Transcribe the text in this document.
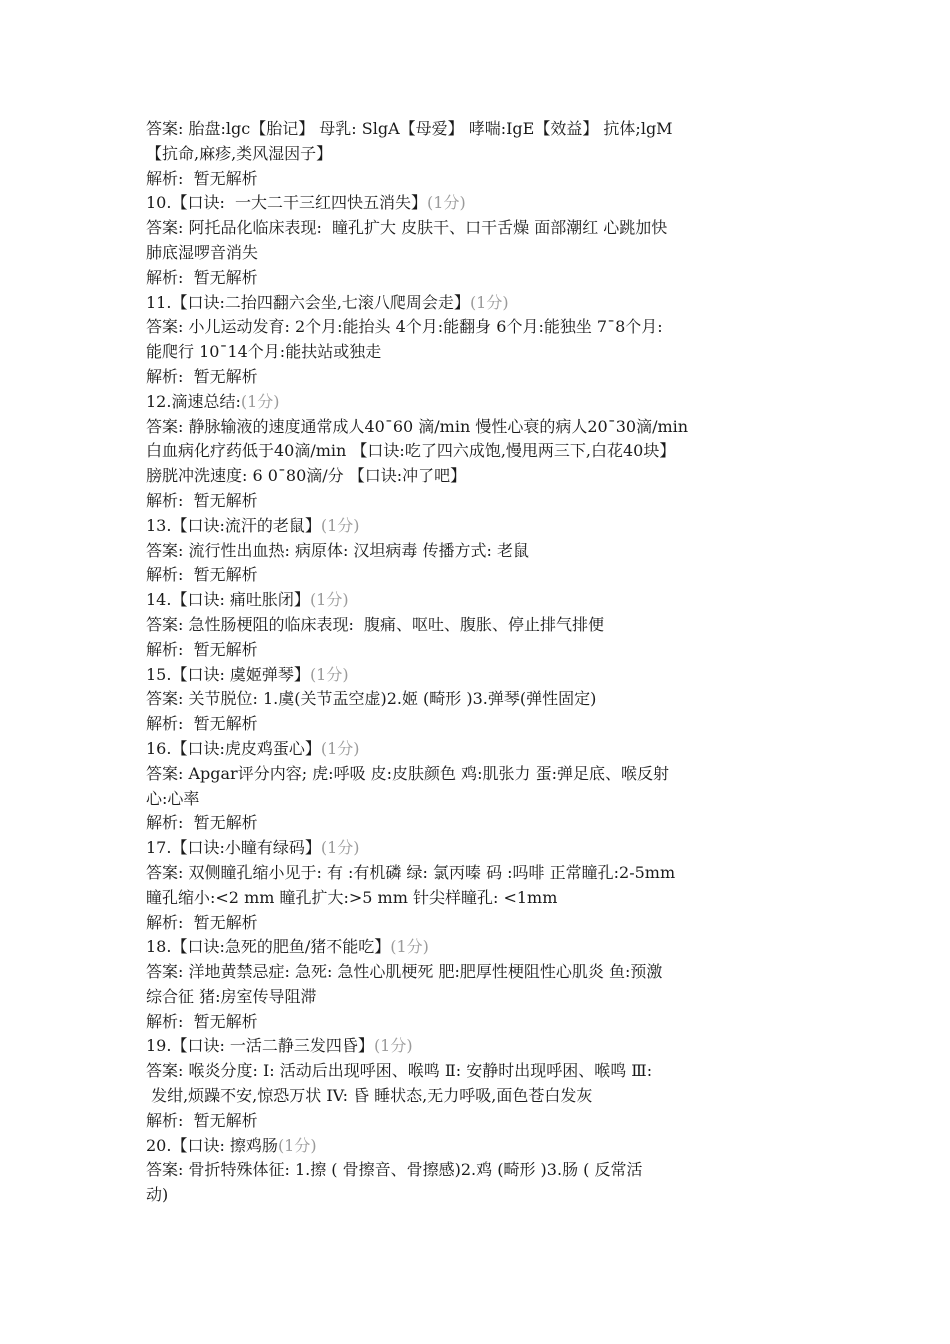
答案: 胎盘:lgc【胎记】 母乳: SlgA【母爱】 哮喘:IgE【效益】 抗体;lgM
【抗命,麻疹,类风湿因子】
解析:  暂无解析
10.【口诀:  一大二干三红四快五消失】(1分)
答案: 阿托品化临床表现:  瞳孔扩大 皮肤干、口干舌燥 面部潮红 心跳加快
肺底湿啰音消失
解析:  暂无解析
11.【口诀:二抬四翻六会坐,七滚八爬周会走】(1分)
答案: 小儿运动发育: 2个月:能抬头 4个月:能翻身 6个月:能独坐 7¯8个月:
能爬行 10¯14个月:能扶站或独走
解析:  暂无解析
12.滴速总结:(1分)
答案: 静脉输液的速度通常成人40¯60 滴/min 慢性心衰的病人20¯30滴/min
白血病化疗药低于40滴/min 【口诀:吃了四六成饱,慢甩两三下,白花40块】
膀胱冲洗速度: 6 0¯80滴/分 【口诀:冲了吧】
解析:  暂无解析
13.【口诀:流汗的老鼠】(1分)
答案: 流行性出血热: 病原体: 汉坦病毒 传播方式: 老鼠
解析:  暂无解析
14.【口诀: 痛吐胀闭】(1分)
答案: 急性肠梗阻的临床表现:  腹痛、呕吐、腹胀、停止排气排便
解析:  暂无解析
15.【口诀: 虞姬弹琴】(1分)
答案: 关节脱位: 1.虞(关节盂空虚)2.姬 (畸形 )3.弹琴(弹性固定)
解析:  暂无解析
16.【口诀:虎皮鸡蛋心】(1分)
答案: Apgar评分内容; 虎:呼吸 皮:皮肤颜色 鸡:肌张力 蛋:弹足底、喉反射
心:心率
解析:  暂无解析
17.【口诀:小瞳有绿码】(1分)
答案: 双侧瞳孔缩小见于: 有 :有机磷 绿: 氯丙嗪 码 :吗啡 正常瞳孔:2-5mm
瞳孔缩小:<2 mm 瞳孔扩大:>5 mm 针尖样瞳孔: <1mm
解析:  暂无解析
18.【口诀:急死的肥鱼/猪不能吃】(1分)
答案: 洋地黄禁忌症: 急死: 急性心肌梗死 肥:肥厚性梗阻性心肌炎 鱼:预激
综合征 猪:房室传导阻滞
解析:  暂无解析
19.【口诀: 一活二静三发四昏】(1分)
答案: 喉炎分度: Ⅰ: 活动后出现呼困、喉鸣 Ⅱ: 安静时出现呼困、喉鸣 Ⅲ:
发绀,烦躁不安,惊恐万状 IV: 昏 睡状态,无力呼吸,面色苍白发灰
解析:  暂无解析
20.【口诀: 擦鸡肠(1分)
答案: 骨折特殊体征: 1.擦 ( 骨擦音、骨擦感)2.鸡 (畸形 )3.肠 ( 反常活
动)
